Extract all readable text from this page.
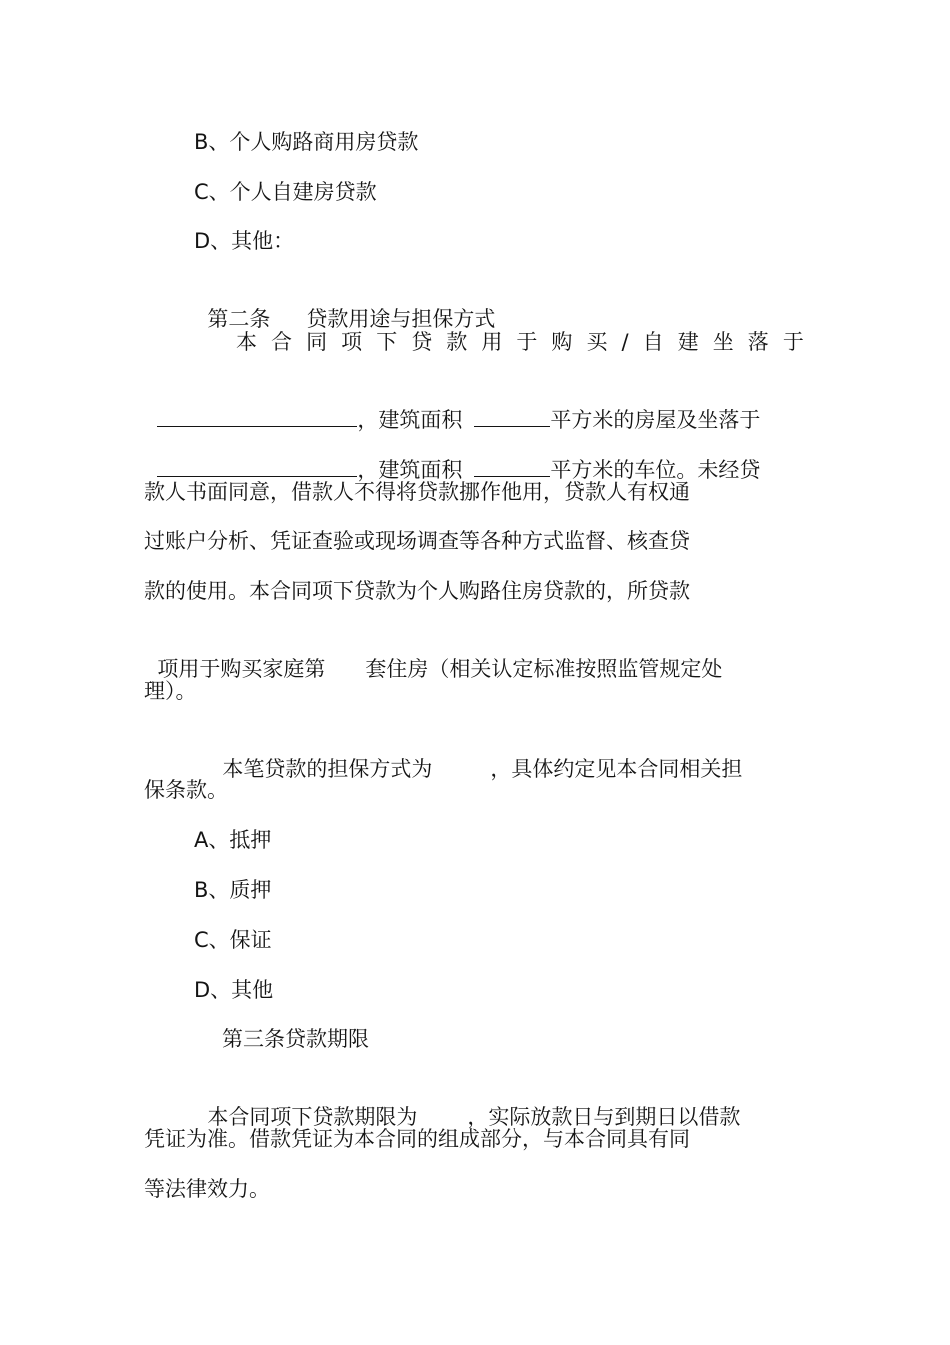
B、个人购路商用房贷款
C、个人自建房贷款
D、其他：

第二条 贷款用途与担保方式

本 合 同 项 下 贷 款 用 于 购 买 / 自 建 坐 落 于

，建筑面积	平方米的房屋及坐落于

，建筑面积	平方米的车位。未经贷

款人书面同意，借款人不得将贷款挪作他用，贷款人有权通
过账户分析、凭证查验或现场调查等各种方式监督、核查贷
款的使用。本合同项下贷款为个人购路住房贷款的，所贷款

项用于购买家庭第 套住房（相关认定标准按照监管规定处

理）。

本笔贷款的担保方式为	，具体约定见本合同相关担

保条款。
A、抵押
B、质押
C、保证
D、其他
第三条贷款期限

本合同项下贷款期限为 ，实际放款日与到期日以借款

凭证为准。借款凭证为本合同的组成部分，与本合同具有同
等法律效力。
